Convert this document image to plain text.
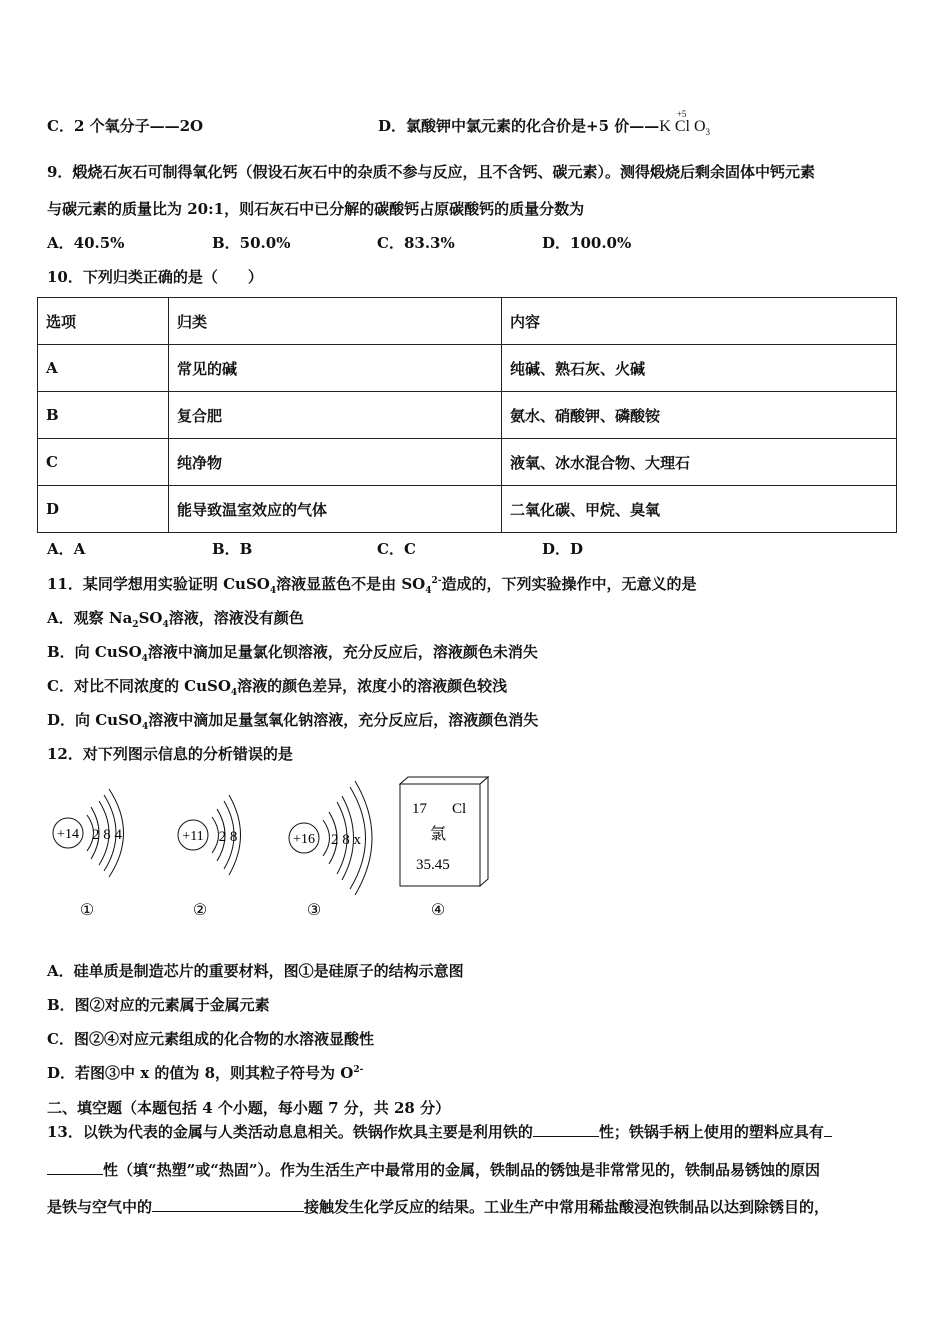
C．2 个氧分子——2O	D．氯酸钾中氯元素的化合价是+5 价——K
+5
Cl $O_3$
9．煅烧石灰石可制得氧化钙（假设石灰石中的杂质不参与反应，且不含钙、碳元素）。测得煅烧后剩余固体中钙元素
与碳元素的质量比为 20:1，则石灰石中已分解的碳酸钙占原碳酸钙的质量分数为
A．40.5%	B．50.0%	C．83.3%	D．100.0%
10．下列归类正确的是（　　）
选项	归类	内容
A	常见的碱	纯碱、熟石灰、火碱
B	复合肥	氨水、硝酸钾、磷酸铵
C	纯净物	液氧、冰水混合物、大理石
D	能导致温室效应的气体	二氧化碳、甲烷、臭氧
A．A	B．B	C．C	D．D
11．某同学想用实验证明 CuSO$_4$溶液显蓝色不是由 $SO_4^{2-}$造成的，下列实验操作中，无意义的是
A．观察 $Na_2SO_4$溶液，溶液没有颜色
B．向 CuSO$_4$溶液中滴加足量氯化钡溶液，充分反应后，溶液颜色未消失
C．对比不同浓度的 CuSO$_4$溶液的颜色差异，浓度小的溶液颜色较浅
D．向 CuSO$_4$溶液中滴加足量氢氧化钠溶液，充分反应后，溶液颜色消失
12．对下列图示信息的分析错误的是
+14 2 8 4
①
+11 2 8
②
+16 2 8 x
③
17 Cl
氯
35.45
④
A．硅单质是制造芯片的重要材料，图①是硅原子的结构示意图
B．图②对应的元素属于金属元素
C．图②④对应元素组成的化合物的水溶液显酸性
D．若图③中 x 的值为 8，则其粒子符号为 $O^{2-}$
二、填空题（本题包括 4 个小题，每小题 7 分，共 28 分）
13．以铁为代表的金属与人类活动息息相关。铁锅作炊具主要是利用铁的	性；铁锅手柄上使用的塑料应具有
性（填“热塑”或“热固”）。作为生活生产中最常用的金属，铁制品的锈蚀是非常常见的，铁制品易锈蚀的原因
是铁与空气中的	接触发生化学反应的结果。工业生产中常用稀盐酸浸泡铁制品以达到除锈目的，
